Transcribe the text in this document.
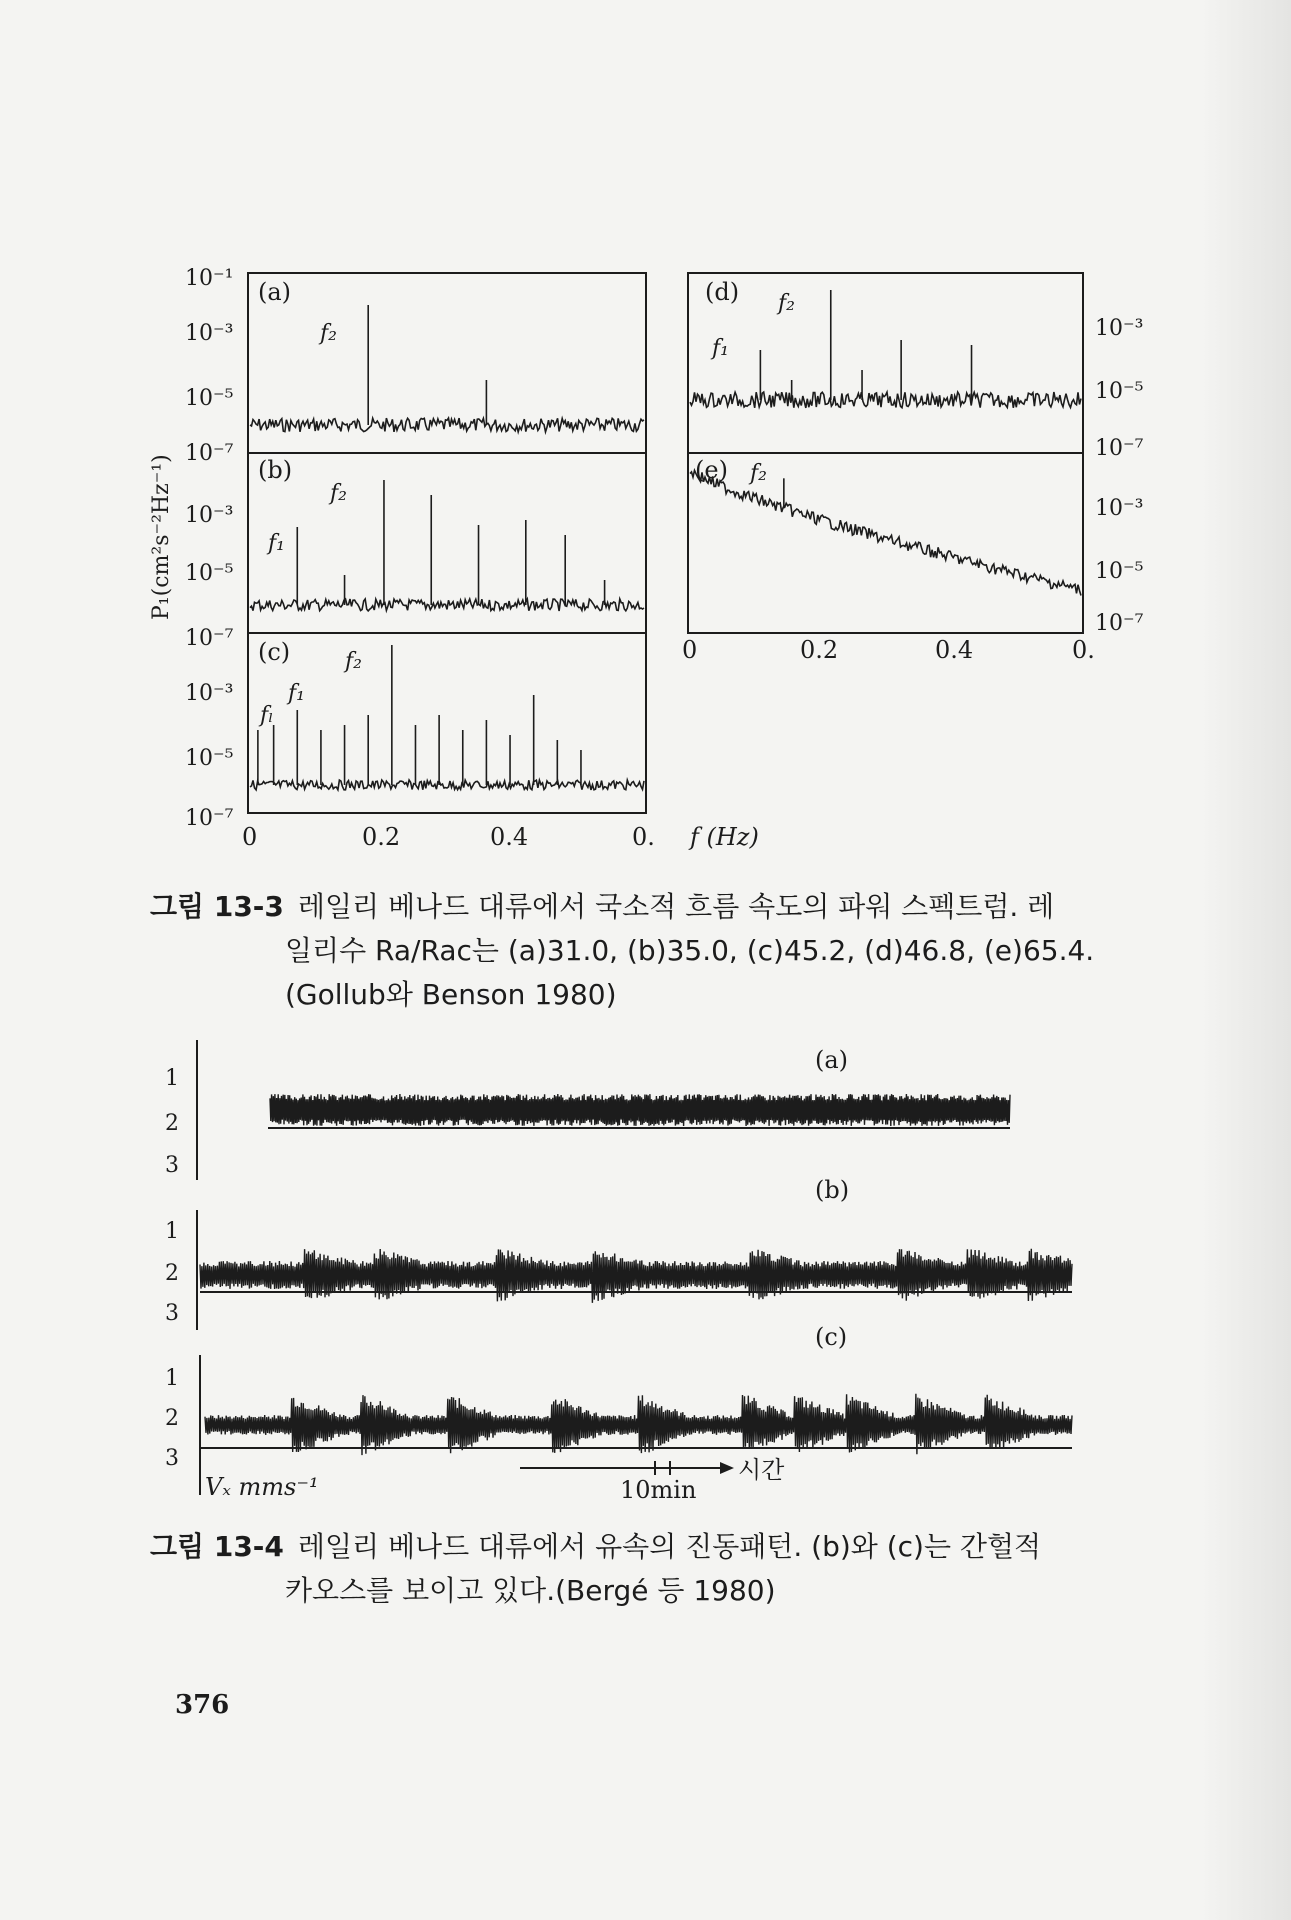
10⁻¹
10⁻³
10⁻⁵
10⁻⁷
10⁻³
10⁻⁵
10⁻⁷
10⁻³
10⁻⁵
10⁻⁷
10⁻³
10⁻⁵
10⁻⁷
10⁻³
10⁻⁵
10⁻⁷
P₁(cm²s⁻²Hz⁻¹)
0	0.2	0.4	0. f (Hz)
0	0.2	0.4	0.
(a)
(b)
(c)
(d)
(e)
f₂
f₁
f₂
f₁
f₂
fₗ
f₁
f₂
f₂
(a)
(b)
(c)
1
2
3
1
2
3
1
2
3	시간
10min
Vₓ mms⁻¹
그림 13-3 레일리 베나드 대류에서 국소적 흐름 속도의 파워 스펙트럼. 레
일리수 Ra/Raᴄ는 (a)31.0, (b)35.0, (c)45.2, (d)46.8, (e)65.4.
(Gollub와 Benson 1980)
그림 13-4 레일리 베나드 대류에서 유속의 진동패턴. (b)와 (c)는 간헐적
카오스를 보이고 있다.(Bergé 등 1980)
376
